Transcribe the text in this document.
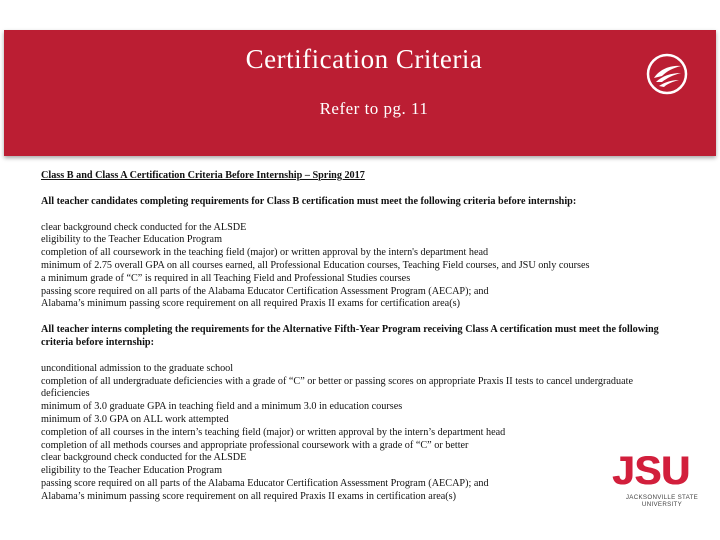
Certification Criteria
Refer to pg. 11

Class B and Class A Certification Criteria Before Internship – Spring 2017

All teacher candidates completing requirements for Class B certification must meet the following criteria before internship:

clear background check conducted for the ALSDE
eligibility to the Teacher Education Program
completion of all coursework in the teaching field (major) or written approval by the intern's department head
minimum of 2.75 overall GPA on all courses earned, all Professional Education courses, Teaching Field courses, and JSU only courses
a minimum grade of “C” is required in all Teaching Field and Professional Studies courses
passing score required on all parts of the Alabama Educator Certification Assessment Program (AECAP); and
Alabama’s minimum passing score requirement on all required Praxis II exams for certification area(s)

All teacher interns completing the requirements for the Alternative Fifth-Year Program receiving Class A certification must meet the following criteria before internship:

unconditional admission to the graduate school
completion of all undergraduate deficiencies with a grade of “C” or better or passing scores on appropriate Praxis II tests to cancel undergraduate deficiencies
minimum of 3.0 graduate GPA in teaching field and a minimum 3.0 in education courses
minimum of 3.0 GPA on ALL work attempted
completion of all courses in the intern’s teaching field (major) or written approval by the intern’s department head
completion of all methods courses and appropriate professional coursework with a grade of “C” or better
clear background check conducted for the ALSDE
eligibility to the Teacher Education Program
passing score required on all parts of the Alabama Educator Certification Assessment Program (AECAP); and
Alabama’s minimum passing score requirement on all required Praxis II exams in certification area(s)
JSU
JACKSONVILLE STATE UNIVERSITY
